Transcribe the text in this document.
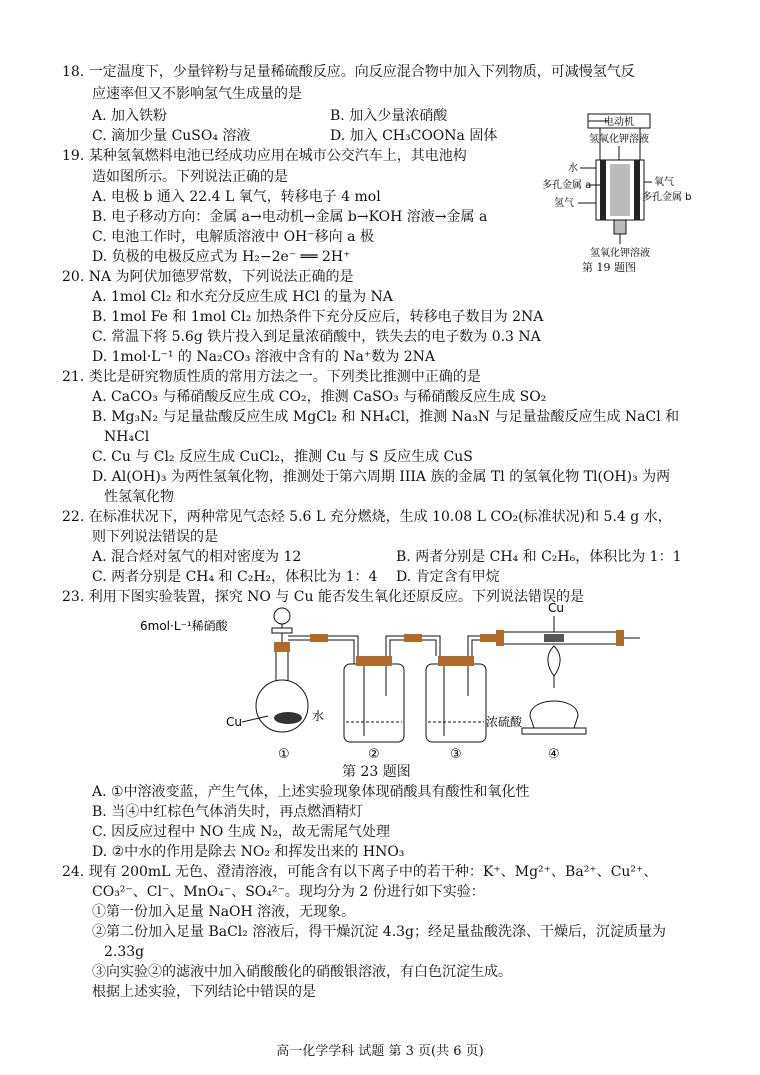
18. 一定温度下，少量锌粉与足量稀硫酸反应。向反应混合物中加入下列物质，可减慢氢气反
应速率但又不影响氢气生成量的是
A. 加入铁粉	B. 加入少量浓硝酸
C. 滴加少量 CuSO₄ 溶液	D. 加入 CH₃COONa 固体
19. 某种氢氧燃料电池已经成功应用在城市公交汽车上，其电池构
造如图所示。下列说法正确的是
A. 电极 b 通入 22.4 L 氧气，转移电子 4 mol
B. 电子移动方向：金属 a→电动机→金属 b→KOH 溶液→金属 a
C. 电池工作时，电解质溶液中 OH⁻移向 a 极
D. 负极的电极反应式为 H₂−2e⁻ ══ 2H⁺
电动机
氢氧化钾溶液
水
多孔金属 a
氢气
氧气
多孔金属 b
氢氧化钾溶液
第 19 题图
20. NA 为阿伏加德罗常数，下列说法正确的是
A. 1mol Cl₂ 和水充分反应生成 HCl 的量为 NA
B. 1mol Fe 和 1mol Cl₂ 加热条件下充分反应后，转移电子数目为 2NA
C. 常温下将 5.6g 铁片投入到足量浓硝酸中，铁失去的电子数为 0.3 NA
D. 1mol·L⁻¹ 的 Na₂CO₃ 溶液中含有的 Na⁺数为 2NA
21. 类比是研究物质性质的常用方法之一。下列类比推测中正确的是
A. CaCO₃ 与稀硝酸反应生成 CO₂，推测 CaSO₃ 与稀硝酸反应生成 SO₂
B. Mg₃N₂ 与足量盐酸反应生成 MgCl₂ 和 NH₄Cl，推测 Na₃N 与足量盐酸反应生成 NaCl 和
NH₄Cl
C. Cu 与 Cl₂ 反应生成 CuCl₂，推测 Cu 与 S 反应生成 CuS
D. Al(OH)₃ 为两性氢氧化物，推测处于第六周期 IIIA 族的金属 Tl 的氢氧化物 Tl(OH)₃ 为两
性氢氧化物
22. 在标准状况下，两种常见气态烃 5.6 L 充分燃烧，生成 10.08 L CO₂(标准状况)和 5.4 g 水，
则下列说法错误的是
A. 混合烃对氢气的相对密度为 12	B. 两者分别是 CH₄ 和 C₂H₆，体积比为 1：1
C. 两者分别是 CH₄ 和 C₂H₂，体积比为 1：4 D. 肯定含有甲烷
23. 利用下图实验装置，探究 NO 与 Cu 能否发生氧化还原反应。下列说法错误的是
6mol·L⁻¹稀硝酸
Cu	水	浓硫酸
Cu
①	②	③	④
第 23 题图
A. ①中溶液变蓝，产生气体，上述实验现象体现硝酸具有酸性和氧化性
B. 当④中红棕色气体消失时，再点燃酒精灯
C. 因反应过程中 NO 生成 N₂，故无需尾气处理
D. ②中水的作用是除去 NO₂ 和挥发出来的 HNO₃
24. 现有 200mL 无色、澄清溶液，可能含有以下离子中的若干种：K⁺、Mg²⁺、Ba²⁺、Cu²⁺、
CO₃²⁻、Cl⁻、MnO₄⁻、SO₄²⁻。现均分为 2 份进行如下实验：
①第一份加入足量 NaOH 溶液，无现象。
②第二份加入足量 BaCl₂ 溶液后，得干燥沉淀 4.3g；经足量盐酸洗涤、干燥后，沉淀质量为
2.33g
③向实验②的滤液中加入硝酸酸化的硝酸银溶液，有白色沉淀生成。
根据上述实验，下列结论中错误的是
高一化学学科 试题 第 3 页(共 6 页)
